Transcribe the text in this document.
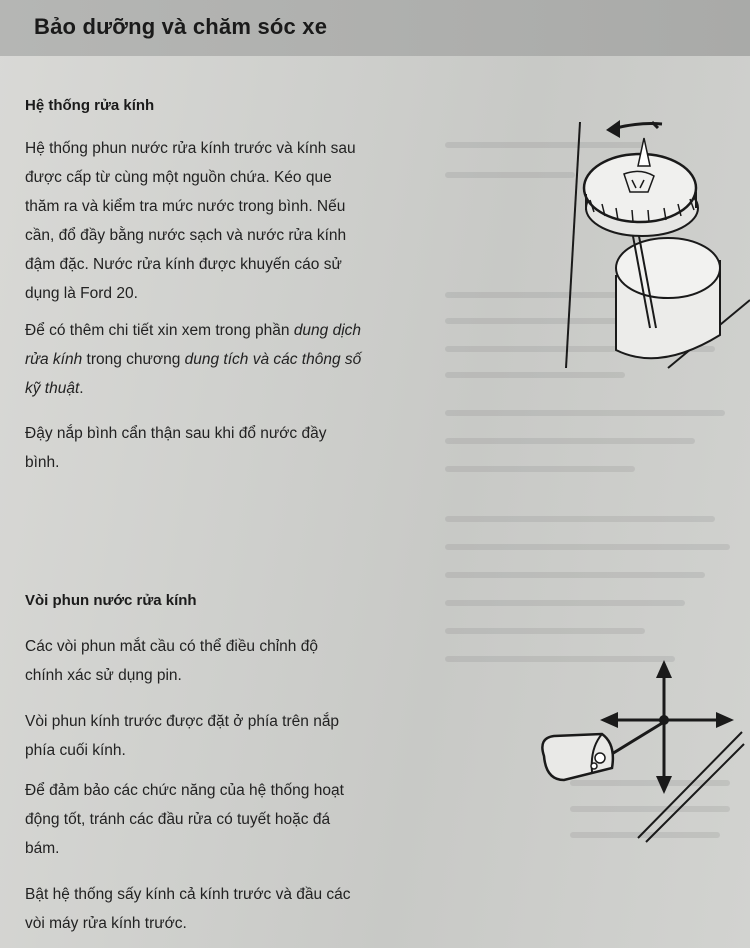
Bảo dưỡng và chăm sóc xe
Hệ thống rửa kính
Hệ thống phun nước rửa kính trước và kính sau
được cấp từ cùng một nguồn chứa. Kéo que
thăm ra và kiểm tra mức nước trong bình. Nếu
cần, đổ đầy bằng nước sạch và nước rửa kính
đậm đặc. Nước rửa kính được khuyến cáo sử
dụng là Ford 20.
Để có thêm chi tiết xin xem trong phần dung dịch
rửa kính trong chương dung tích và các thông số
kỹ thuật.
Đậy nắp bình cẩn thận sau khi đổ nước đầy
bình.
Vòi phun nước rửa kính
Các vòi phun mắt cầu có thể điều chỉnh độ
chính xác sử dụng pin.
Vòi phun kính trước được đặt ở phía trên nắp
phía cuối kính.
Để đảm bảo các chức năng của hệ thống hoạt
động tốt, tránh các đầu rửa có tuyết hoặc đá
bám.
Bật hệ thống sấy kính cả kính trước và đầu các
vòi máy rửa kính trước.
